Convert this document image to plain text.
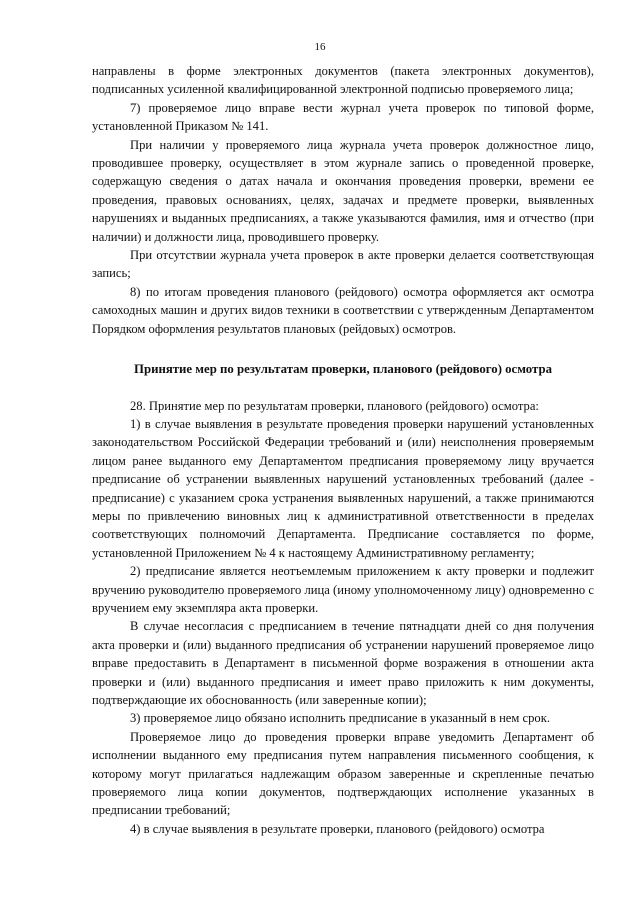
16

направлены в форме электронных документов (пакета электронных документов), подписанных усиленной квалифицированной электронной подписью проверяемого лица;

7) проверяемое лицо вправе вести журнал учета проверок по типовой форме, установленной Приказом № 141.

При наличии у проверяемого лица журнала учета проверок должностное лицо, проводившее проверку, осуществляет в этом журнале запись о проведенной проверке, содержащую сведения о датах начала и окончания проведения проверки, времени ее проведения, правовых основаниях, целях, задачах и предмете проверки, выявленных нарушениях и выданных предписаниях, а также указываются фамилия, имя и отчество (при наличии) и должности лица, проводившего проверку.

При отсутствии журнала учета проверок в акте проверки делается соответствующая запись;

8) по итогам проведения планового (рейдового) осмотра оформляется акт осмотра самоходных машин и других видов техники в соответствии с утвержденным Департаментом Порядком оформления результатов плановых (рейдовых) осмотров.

Принятие мер по результатам проверки, планового (рейдового) осмотра

28. Принятие мер по результатам проверки, планового (рейдового) осмотра:

1) в случае выявления в результате проведения проверки нарушений установленных законодательством Российской Федерации требований и (или) неисполнения проверяемым лицом ранее выданного ему Департаментом предписания проверяемому лицу вручается предписание об устранении выявленных нарушений установленных требований (далее - предписание) с указанием срока устранения выявленных нарушений, а также принимаются меры по привлечению виновных лиц к административной ответственности в пределах соответствующих полномочий Департамента. Предписание составляется по форме, установленной Приложением № 4 к настоящему Административному регламенту;

2) предписание является неотъемлемым приложением к акту проверки и подлежит вручению руководителю проверяемого лица (иному уполномоченному лицу) одновременно с вручением ему экземпляра акта проверки.

В случае несогласия с предписанием в течение пятнадцати дней со дня получения акта проверки и (или) выданного предписания об устранении нарушений проверяемое лицо вправе предоставить в Департамент в письменной форме возражения в отношении акта проверки и (или) выданного предписания и имеет право приложить к ним документы, подтверждающие их обоснованность (или заверенные копии);

3) проверяемое лицо обязано исполнить предписание в указанный в нем срок.

Проверяемое лицо до проведения проверки вправе уведомить Департамент об исполнении выданного ему предписания путем направления письменного сообщения, к которому могут прилагаться надлежащим образом заверенные и скрепленные печатью проверяемого лица копии документов, подтверждающих исполнение указанных в предписании требований;

4) в случае выявления в результате проверки, планового (рейдового) осмотра
